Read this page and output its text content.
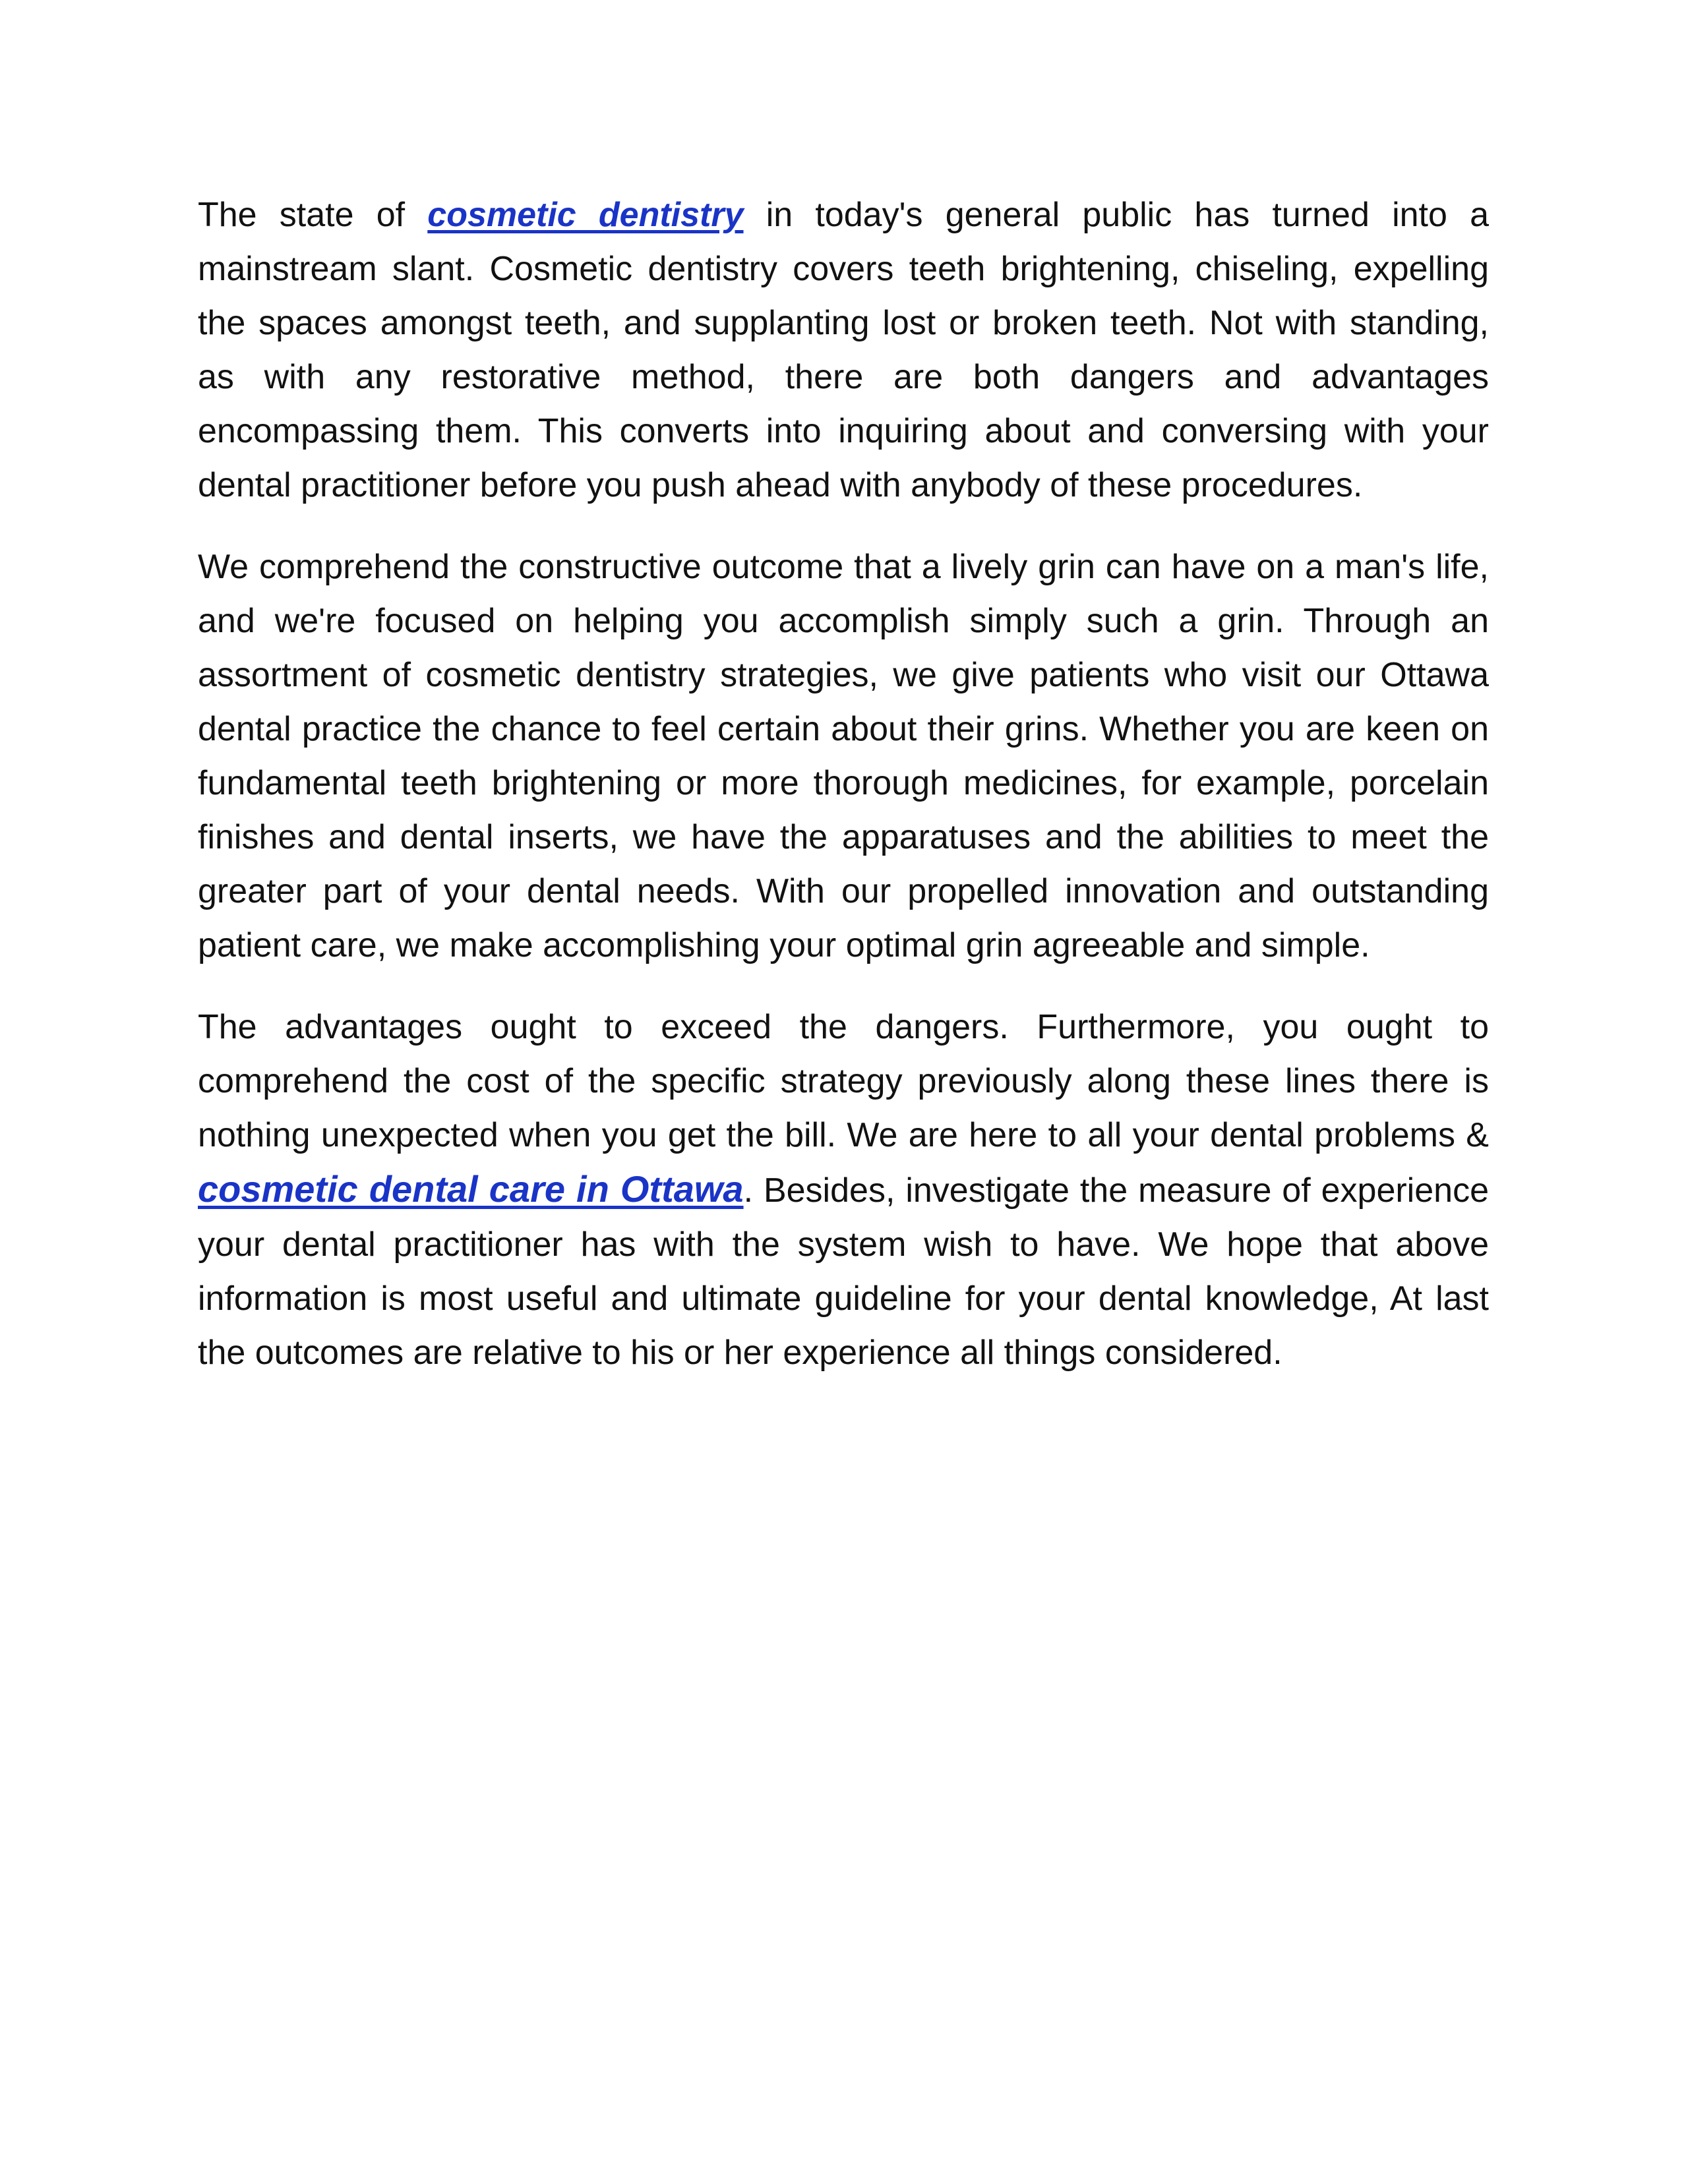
The state of cosmetic dentistry in today's general public has turned into a mainstream slant. Cosmetic dentistry covers teeth brightening, chiseling, expelling the spaces amongst teeth, and supplanting lost or broken teeth. Not with standing, as with any restorative method, there are both dangers and advantages encompassing them. This converts into inquiring about and conversing with your dental practitioner before you push ahead with anybody of these procedures.

We comprehend the constructive outcome that a lively grin can have on a man's life, and we're focused on helping you accomplish simply such a grin. Through an assortment of cosmetic dentistry strategies, we give patients who visit our Ottawa dental practice the chance to feel certain about their grins. Whether you are keen on fundamental teeth brightening or more thorough medicines, for example, porcelain finishes and dental inserts, we have the apparatuses and the abilities to meet the greater part of your dental needs. With our propelled innovation and outstanding patient care, we make accomplishing your optimal grin agreeable and simple.

The advantages ought to exceed the dangers. Furthermore, you ought to comprehend the cost of the specific strategy previously along these lines there is nothing unexpected when you get the bill. We are here to all your dental problems & cosmetic dental care in Ottawa. Besides, investigate the measure of experience your dental practitioner has with the system wish to have. We hope that above information is most useful and ultimate guideline for your dental knowledge, At last the outcomes are relative to his or her experience all things considered.
